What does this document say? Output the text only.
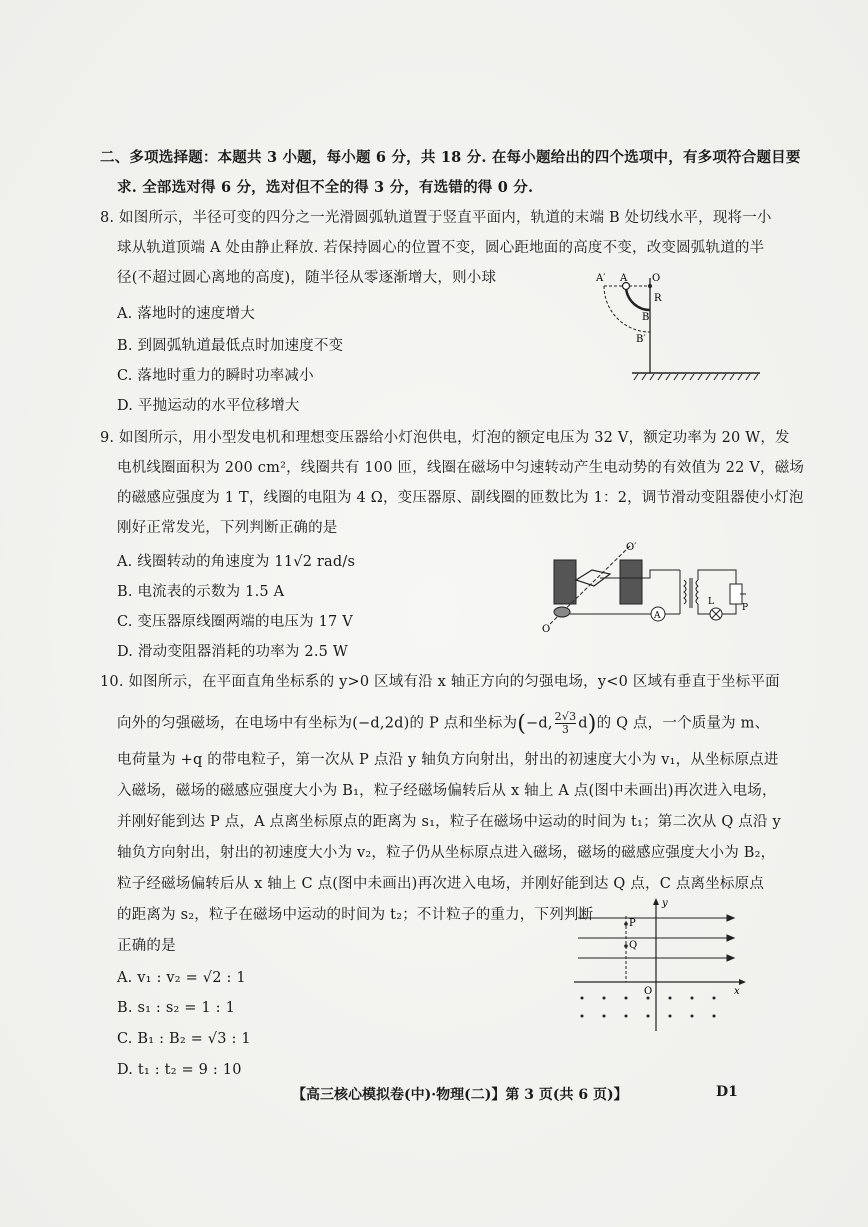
二、多项选择题：本题共 3 小题，每小题 6 分，共 18 分. 在每小题给出的四个选项中，有多项符合题目要
求. 全部选对得 6 分，选对但不全的得 3 分，有选错的得 0 分.
8. 如图所示，半径可变的四分之一光滑圆弧轨道置于竖直平面内，轨道的末端 B 处切线水平，现将一小
球从轨道顶端 A 处由静止释放. 若保持圆心的位置不变，圆心距地面的高度不变，改变圆弧轨道的半
径(不超过圆心离地的高度)，随半径从零逐渐增大，则小球
A. 落地时的速度增大
B. 到圆弧轨道最低点时加速度不变
C. 落地时重力的瞬时功率减小
D. 平抛运动的水平位移增大
A′ A O
R
B
B′
9. 如图所示，用小型发电机和理想变压器给小灯泡供电，灯泡的额定电压为 32 V，额定功率为 20 W，发
电机线圈面积为 200 cm²，线圈共有 100 匝，线圈在磁场中匀速转动产生电动势的有效值为 22 V，磁场
的磁感应强度为 1 T，线圈的电阻为 4 Ω，变压器原、副线圈的匝数比为 1：2，调节滑动变阻器使小灯泡
刚好正常发光，下列判断正确的是
A. 线圈转动的角速度为 11√2 rad/s
B. 电流表的示数为 1.5 A
C. 变压器原线圈两端的电压为 17 V
D. 滑动变阻器消耗的功率为 2.5 W
A
P
L
O′
O
10. 如图所示，在平面直角坐标系的 y>0 区域有沿 x 轴正方向的匀强电场，y<0 区域有垂直于坐标平面
向外的匀强磁场，在电场中有坐标为(−d,2d)的 P 点和坐标为(−d, $\frac{2√3}{3} d$)的 Q 点，一个质量为 m、
电荷量为 +q 的带电粒子，第一次从 P 点沿 y 轴负方向射出，射出的初速度大小为 v₁，从坐标原点进
入磁场，磁场的磁感应强度大小为 B₁，粒子经磁场偏转后从 x 轴上 A 点(图中未画出)再次进入电场，
并刚好能到达 P 点，A 点离坐标原点的距离为 s₁，粒子在磁场中运动的时间为 t₁；第二次从 Q 点沿 y
轴负方向射出，射出的初速度大小为 v₂，粒子仍从坐标原点进入磁场，磁场的磁感应强度大小为 B₂，
粒子经磁场偏转后从 x 轴上 C 点(图中未画出)再次进入电场，并刚好能到达 Q 点，C 点离坐标原点
的距离为 s₂，粒子在磁场中运动的时间为 t₂；不计粒子的重力，下列判断
正确的是
A. v₁ : v₂ = √2 : 1
B. s₁ : s₂ = 1 : 1
C. B₁ : B₂ = √3 : 1
D. t₁ : t₂ = 9 : 10
P
Q
O
y
x
【高三核心模拟卷(中)·物理(二)】第 3 页(共 6 页)】	D1
